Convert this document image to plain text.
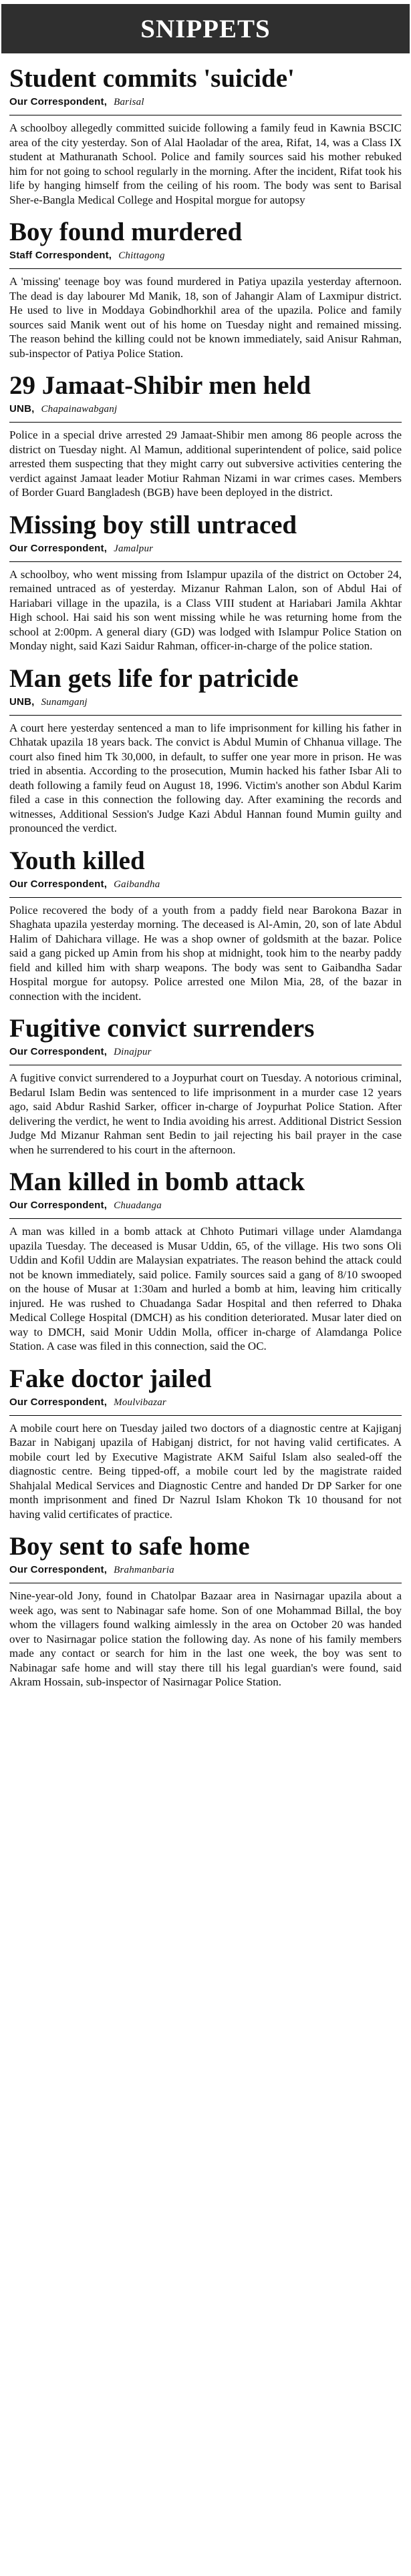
SNIPPETS
Student commits 'suicide'
Our Correspondent, Barisal

A schoolboy allegedly committed suicide following a family feud in Kawnia BSCIC area of the city yesterday. Son of Alal Haoladar of the area, Rifat, 14, was a Class IX student at Mathuranath School. Police and family sources said his mother rebuked him for not going to school regularly in the morning. After the incident, Rifat took his life by hanging himself from the ceiling of his room. The body was sent to Barisal Sher-e-Bangla Medical College and Hospital morgue for autopsy

Boy found murdered
Staff Correspondent, Chittagong

A 'missing' teenage boy was found murdered in Patiya upazila yesterday afternoon. The dead is day labourer Md Manik, 18, son of Jahangir Alam of Laxmipur district. He used to live in Moddaya Gobindhorkhil area of the upazila. Police and family sources said Manik went out of his home on Tuesday night and remained missing. The reason behind the killing could not be known immediately, said Anisur Rahman, sub-inspector of Patiya Police Station.

29 Jamaat-Shibir men held
UNB, Chapainawabganj

Police in a special drive arrested 29 Jamaat-Shibir men among 86 people across the district on Tuesday night. Al Mamun, additional superintendent of police, said police arrested them suspecting that they might carry out subversive activities centering the verdict against Jamaat leader Motiur Rahman Nizami in war crimes cases. Members of Border Guard Bangladesh (BGB) have been deployed in the district.

Missing boy still untraced
Our Correspondent, Jamalpur

A schoolboy, who went missing from Islampur upazila of the district on October 24, remained untraced as of yesterday. Mizanur Rahman Lalon, son of Abdul Hai of Hariabari village in the upazila, is a Class VIII student at Hariabari Jamila Akhtar High school. Hai said his son went missing while he was returning home from the school at 2:00pm. A general diary (GD) was lodged with Islampur Police Station on Monday night, said Kazi Saidur Rahman, officer-in-charge of the police station.

Man gets life for patricide
UNB, Sunamganj

A court here yesterday sentenced a man to life imprisonment for killing his father in Chhatak upazila 18 years back. The convict is Abdul Mumin of Chhanua village. The court also fined him Tk 30,000, in default, to suffer one year more in prison. He was tried in absentia. According to the prosecution, Mumin hacked his father Isbar Ali to death following a family feud on August 18, 1996. Victim's another son Abdul Karim filed a case in this connection the following day. After examining the records and witnesses, Additional Session's Judge Kazi Abdul Hannan found Mumin guilty and pronounced the verdict.

Youth killed
Our Correspondent, Gaibandha

Police recovered the body of a youth from a paddy field near Barokona Bazar in Shaghata upazila yesterday morning. The deceased is Al-Amin, 20, son of late Abdul Halim of Dahichara village. He was a shop owner of goldsmith at the bazar. Police said a gang picked up Amin from his shop at midnight, took him to the nearby paddy field and killed him with sharp weapons. The body was sent to Gaibandha Sadar Hospital morgue for autopsy. Police arrested one Milon Mia, 28, of the bazar in connection with the incident.

Fugitive convict surrenders
Our Correspondent, Dinajpur

A fugitive convict surrendered to a Joypurhat court on Tuesday. A notorious criminal, Bedarul Islam Bedin was sentenced to life imprisonment in a murder case 12 years ago, said Abdur Rashid Sarker, officer in-charge of Joypurhat Police Station. After delivering the verdict, he went to India avoiding his arrest. Additional District Session Judge Md Mizanur Rahman sent Bedin to jail rejecting his bail prayer in the case when he surrendered to his court in the afternoon.

Man killed in bomb attack
Our Correspondent, Chuadanga

A man was killed in a bomb attack at Chhoto Putimari village under Alamdanga upazila Tuesday. The deceased is Musar Uddin, 65, of the village. His two sons Oli Uddin and Kofil Uddin are Malaysian expatriates. The reason behind the attack could not be known immediately, said police. Family sources said a gang of 8/10 swooped on the house of Musar at 1:30am and hurled a bomb at him, leaving him critically injured. He was rushed to Chuadanga Sadar Hospital and then referred to Dhaka Medical College Hospital (DMCH) as his condition deteriorated. Musar later died on way to DMCH, said Monir Uddin Molla, officer in-charge of Alamdanga Police Station. A case was filed in this connection, said the OC.

Fake doctor jailed
Our Correspondent, Moulvibazar

A mobile court here on Tuesday jailed two doctors of a diagnostic centre at Kajiganj Bazar in Nabiganj upazila of Habiganj district, for not having valid certificates. A mobile court led by Executive Magistrate AKM Saiful Islam also sealed-off the diagnostic centre. Being tipped-off, a mobile court led by the magistrate raided Shahjalal Medical Services and Diagnostic Centre and handed Dr DP Sarker for one month imprisonment and fined Dr Nazrul Islam Khokon Tk 10 thousand for not having valid certificates of practice.

Boy sent to safe home
Our Correspondent, Brahmanbaria

Nine-year-old Jony, found in Chatolpar Bazaar area in Nasirnagar upazila about a week ago, was sent to Nabinagar safe home. Son of one Mohammad Billal, the boy whom the villagers found walking aimlessly in the area on October 20 was handed over to Nasirnagar police station the following day. As none of his family members made any contact or search for him in the last one week, the boy was sent to Nabinagar safe home and will stay there till his legal guardian's were found, said Akram Hossain, sub-inspector of Nasirnagar Police Station.
